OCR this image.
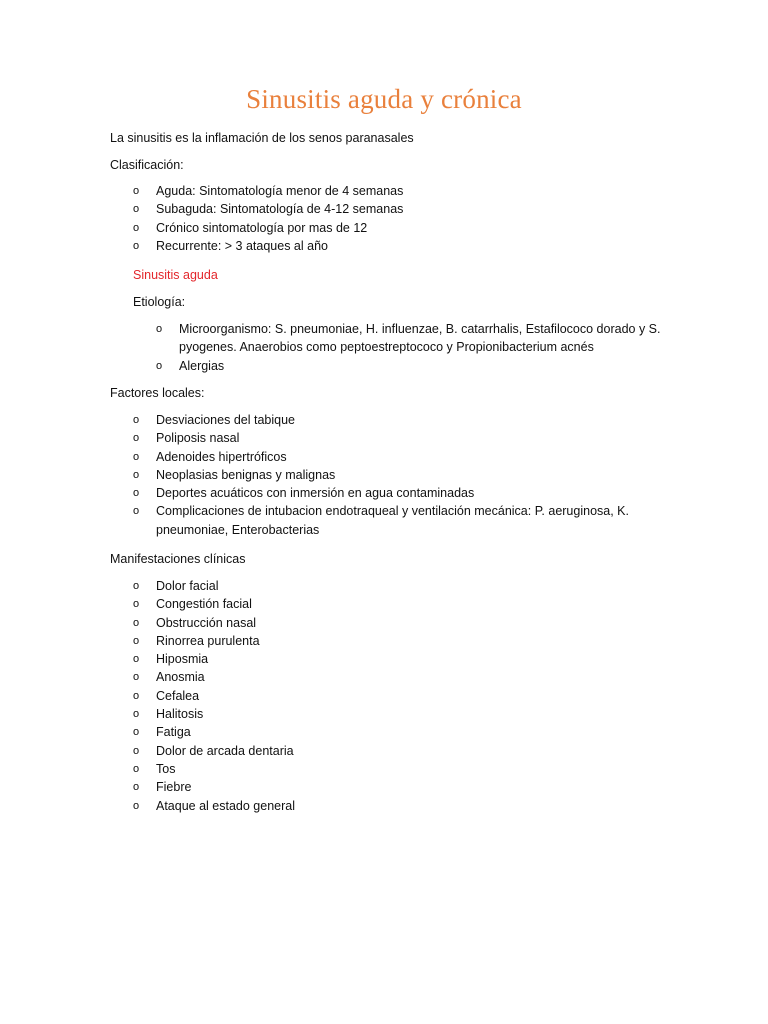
Sinusitis aguda y crónica
La sinusitis es la inflamación de los senos paranasales
Clasificación:
o Aguda: Sintomatología menor de 4 semanas
o Subaguda: Sintomatología de 4-12 semanas
o Crónico sintomatología por mas de 12
o Recurrente: > 3 ataques al año
Sinusitis aguda
Etiología:
o Microorganismo: S. pneumoniae, H. influenzae, B. catarrhalis, Estafilococo dorado y S. pyogenes. Anaerobios como peptoestreptococo y Propionibacterium acnés
o Alergias
Factores locales:
o Desviaciones del tabique
o Poliposis nasal
o Adenoides hipertróficos
o Neoplasias benignas y malignas
o Deportes acuáticos con inmersión en agua contaminadas
o Complicaciones de intubacion endotraqueal y ventilación mecánica: P. aeruginosa, K. pneumoniae, Enterobacterias
Manifestaciones clínicas
o Dolor facial
o Congestión facial
o Obstrucción nasal
o Rinorrea purulenta
o Hiposmia
o Anosmia
o Cefalea
o Halitosis
o Fatiga
o Dolor de arcada dentaria
o Tos
o Fiebre
o Ataque al estado general
